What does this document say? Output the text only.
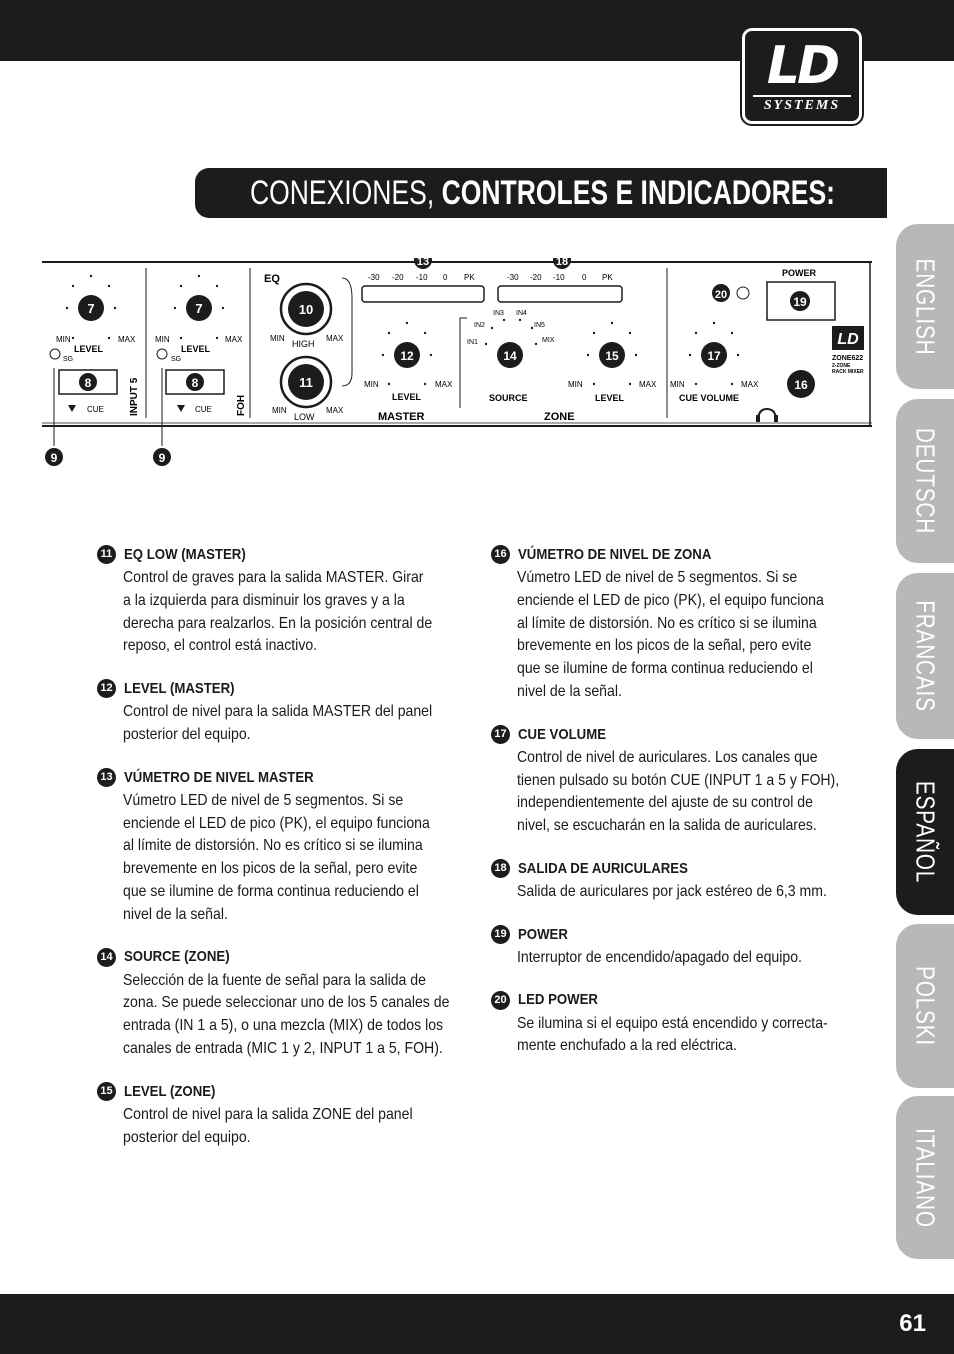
LD
SYSTEMS
CONEXIONES, CONTROLES E INDICADORES:
ENGLISH
DEUTSCH
FRANCAIS
ESPAÑOL
POLSKI
ITALIANO
7
MIN	MAX
LEVEL
SG
8
CUE	INPUT 5
7
MIN	MAX
LEVEL
SG
8
CUE FOH
EQ
10
MIN	MAX
HIGH
11
MIN	MAX
LOW
13
-30 -20 -10 0 PK
12
MIN	MAX
LEVEL
MASTER
18
-30 -20 -10 0 PK
IN3 IN4
IN2	IN5
IN1	MIX
14
SOURCE
15
MIN	MAX
LEVEL
ZONE
20
17
MIN	MAX
CUE VOLUME
POWER
19
16
LD
ZONE622
2-ZONE
RACK MIXER
9	9
11 EQ LOW (MASTER)

Control de graves para la salida MASTER. Girar

a la izquierda para disminuir los graves y a la

derecha para realzarlos. En la posición central de

reposo, el control está inactivo.

12 LEVEL (MASTER)

Control de nivel para la salida MASTER del panel

posterior del equipo.

13 VÚMETRO DE NIVEL MASTER

Vúmetro LED de nivel de 5 segmentos. Si se

enciende el LED de pico (PK), el equipo funciona

al límite de distorsión. No es crítico si se ilumina

brevemente en los picos de la señal, pero evite

que se ilumine de forma continua reduciendo el

nivel de la señal.

14 SOURCE (ZONE)

Selección de la fuente de señal para la salida de

zona. Se puede seleccionar uno de los 5 canales de

entrada (IN 1 a 5), o una mezcla (MIX) de todos los

canales de entrada (MIC 1 y 2, INPUT 1 a 5, FOH).

15 LEVEL (ZONE)

Control de nivel para la salida ZONE del panel

posterior del equipo.

16 VÚMETRO DE NIVEL DE ZONA

Vúmetro LED de nivel de 5 segmentos. Si se

enciende el LED de pico (PK), el equipo funciona

al límite de distorsión. No es crítico si se ilumina

brevemente en los picos de la señal, pero evite

que se ilumine de forma continua reduciendo el

nivel de la señal.

17 CUE VOLUME

Control de nivel de auriculares. Los canales que

tienen pulsado su botón CUE (INPUT 1 a 5 y FOH),

independientemente del ajuste de su control de

nivel, se escucharán en la salida de auriculares.

18 SALIDA DE AURICULARES

Salida de auriculares por jack estéreo de 6,3 mm.

19 POWER

Interruptor de encendido/apagado del equipo.

20 LED POWER

Se ilumina si el equipo está encendido y correcta-

mente enchufado a la red eléctrica.

61
